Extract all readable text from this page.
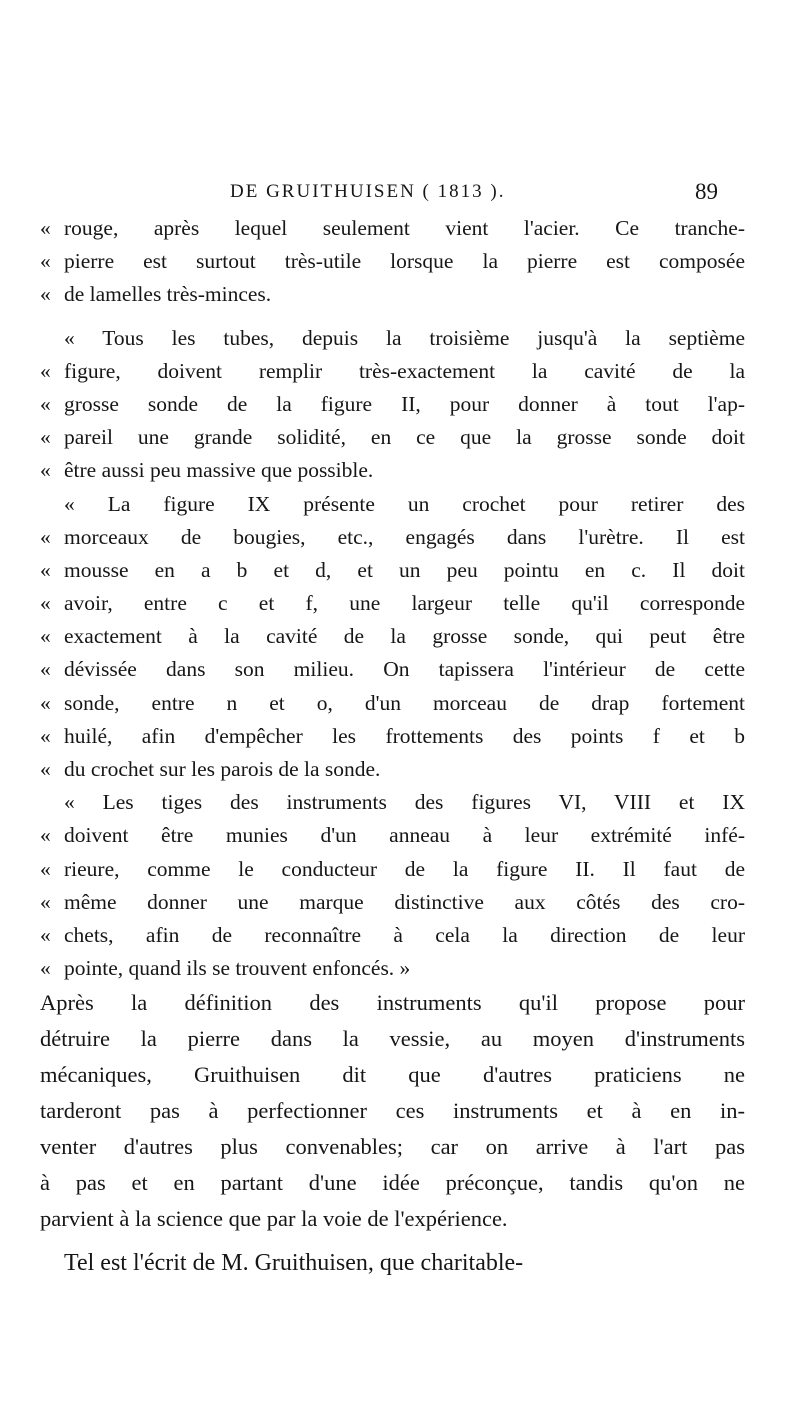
DE GRUITHUISEN ( 1813 ).	89
« rouge, après lequel seulement vient l'acier. Ce tranche-
« pierre est surtout très-utile lorsque la pierre est composée
« de lamelles très-minces.
« Tous les tubes, depuis la troisième jusqu'à la septième
« figure, doivent remplir très-exactement la cavité de la
« grosse sonde de la figure II, pour donner à tout l'ap-
« pareil une grande solidité, en ce que la grosse sonde doit
« être aussi peu massive que possible.
« La figure IX présente un crochet pour retirer des
« morceaux de bougies, etc., engagés dans l'urètre. Il est
« mousse en a b et d, et un peu pointu en c. Il doit
« avoir, entre c et f, une largeur telle qu'il corresponde
« exactement à la cavité de la grosse sonde, qui peut être
« dévissée dans son milieu. On tapissera l'intérieur de cette
« sonde, entre n et o, d'un morceau de drap fortement
« huilé, afin d'empêcher les frottements des points f et b
« du crochet sur les parois de la sonde.
« Les tiges des instruments des figures VI, VIII et IX
« doivent être munies d'un anneau à leur extrémité infé-
« rieure, comme le conducteur de la figure II. Il faut de
« même donner une marque distinctive aux côtés des cro-
« chets, afin de reconnaître à cela la direction de leur
« pointe, quand ils se trouvent enfoncés. »
Après la définition des instruments qu'il propose pour
détruire la pierre dans la vessie, au moyen d'instruments
mécaniques, Gruithuisen dit que d'autres praticiens ne
tarderont pas à perfectionner ces instruments et à en in-
venter d'autres plus convenables; car on arrive à l'art pas
à pas et en partant d'une idée préconçue, tandis qu'on ne
parvient à la science que par la voie de l'expérience.
Tel est l'écrit de M. Gruithuisen, que charitable-
